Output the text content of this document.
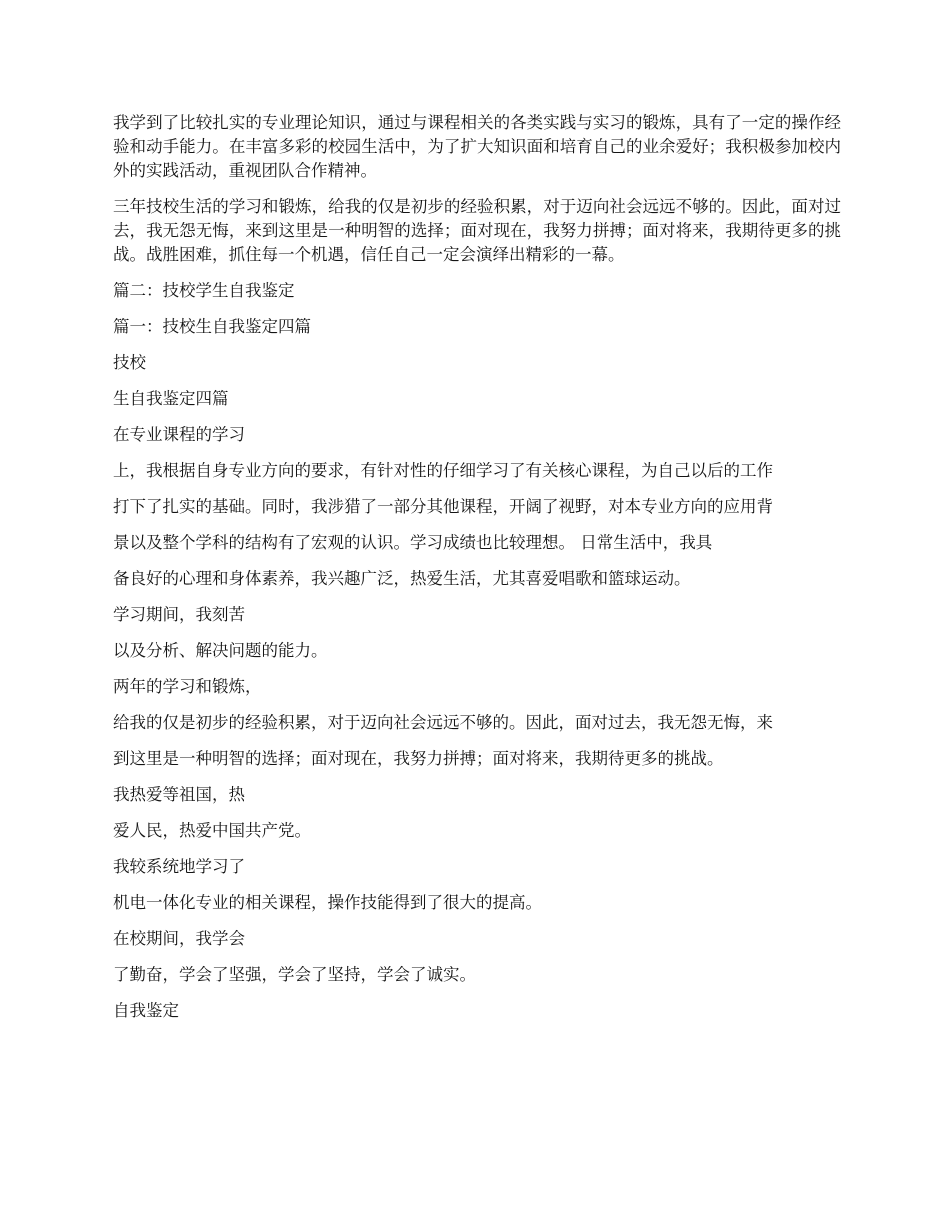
我学到了比较扎实的专业理论知识，通过与课程相关的各类实践与实习的锻炼，具有了一定的操作经验和动手能力。在丰富多彩的校园生活中，为了扩大知识面和培育自己的业余爱好；我积极参加校内外的实践活动，重视团队合作精神。

三年技校生活的学习和锻炼，给我的仅是初步的经验积累，对于迈向社会远远不够的。因此，面对过去，我无怨无悔，来到这里是一种明智的选择；面对现在，我努力拼搏；面对将来，我期待更多的挑战。战胜困难，抓住每一个机遇，信任自己一定会演绎出精彩的一幕。

篇二：技校学生自我鉴定

篇一：技校生自我鉴定四篇

技校

生自我鉴定四篇

在专业课程的学习

上，我根据自身专业方向的要求，有针对性的仔细学习了有关核心课程，为自己以后的工作

打下了扎实的基础。同时，我涉猎了一部分其他课程，开阔了视野，对本专业方向的应用背

景以及整个学科的结构有了宏观的认识。学习成绩也比较理想。 日常生活中，我具

备良好的心理和身体素养，我兴趣广泛，热爱生活，尤其喜爱唱歌和篮球运动。

学习期间，我刻苦

以及分析、解决问题的能力。

两年的学习和锻炼，

给我的仅是初步的经验积累，对于迈向社会远远不够的。因此，面对过去，我无怨无悔，来

到这里是一种明智的选择；面对现在，我努力拼搏；面对将来，我期待更多的挑战。

我热爱等祖国，热

爱人民，热爱中国共产党。

我较系统地学习了

机电一体化专业的相关课程，操作技能得到了很大的提高。

在校期间，我学会

了勤奋，学会了坚强，学会了坚持，学会了诚实。

自我鉴定
